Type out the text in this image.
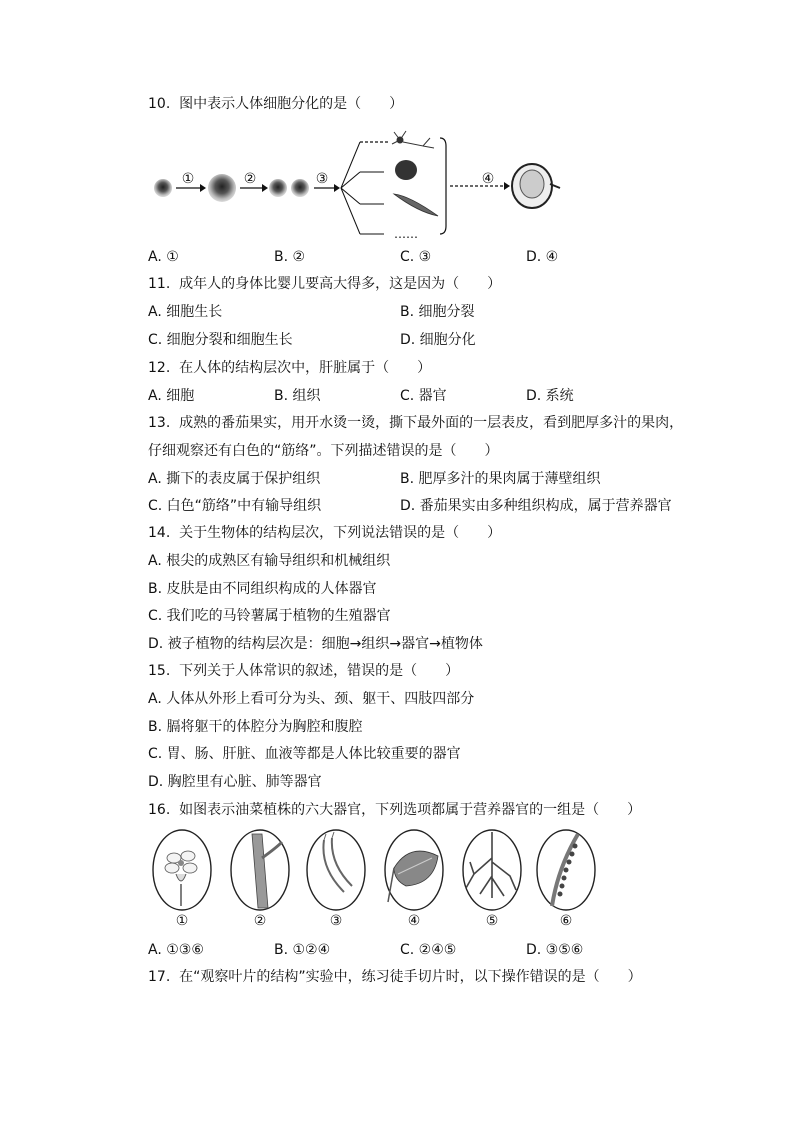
10. 图中表示人体细胞分化的是（　　）
……
①	②	③	④
A. ①	B. ②	C. ③	D. ④
11. 成年人的身体比婴儿要高大得多，这是因为（　　）
A. 细胞生长	B. 细胞分裂
C. 细胞分裂和细胞生长	D. 细胞分化
12. 在人体的结构层次中，肝脏属于（　　）
A. 细胞	B. 组织	C. 器官	D. 系统
13. 成熟的番茄果实，用开水烫一烫，撕下最外面的一层表皮，看到肥厚多汁的果肉，
仔细观察还有白色的“筋络”。下列描述错误的是（　　）
A. 撕下的表皮属于保护组织	B. 肥厚多汁的果肉属于薄壁组织
C. 白色“筋络”中有输导组织	D. 番茄果实由多种组织构成，属于营养器官
14. 关于生物体的结构层次，下列说法错误的是（　　）
A. 根尖的成熟区有输导组织和机械组织
B. 皮肤是由不同组织构成的人体器官
C. 我们吃的马铃薯属于植物的生殖器官
D. 被子植物的结构层次是：细胞→组织→器官→植物体
15. 下列关于人体常识的叙述，错误的是（　　）
A. 人体从外形上看可分为头、颈、躯干、四肢四部分
B. 膈将躯干的体腔分为胸腔和腹腔
C. 胃、肠、肝脏、血液等都是人体比较重要的器官
D. 胸腔里有心脏、肺等器官
16. 如图表示油菜植株的六大器官，下列选项都属于营养器官的一组是（　　）
①	②	③	④	⑤	⑥
A. ①③⑥	B. ①②④	C. ②④⑤	D. ③⑤⑥
17. 在“观察叶片的结构”实验中，练习徒手切片时，以下操作错误的是（　　）
